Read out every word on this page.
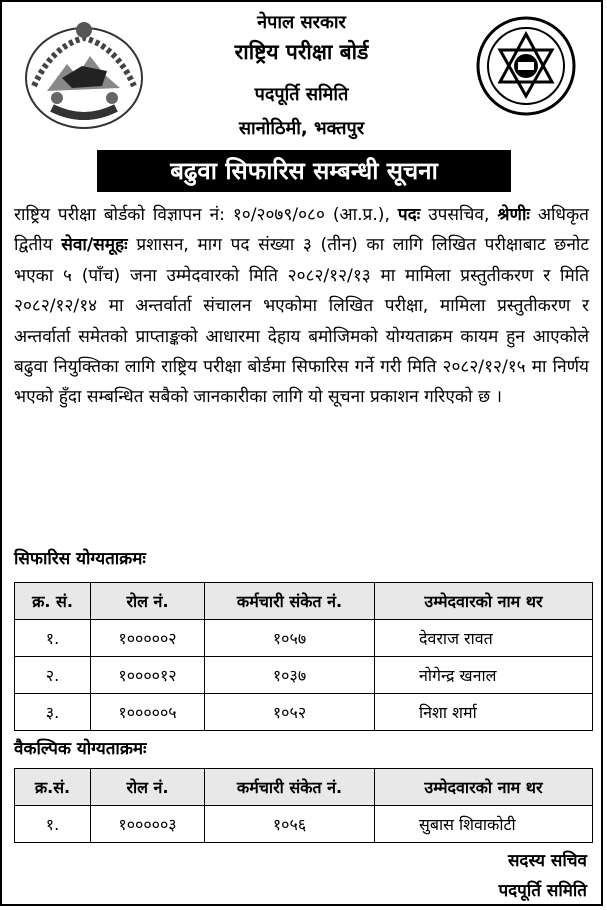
नेपाल सरकार
राष्ट्रिय परीक्षा बोर्ड
पदपूर्ति समिति
सानोठिमी, भक्तपुर
बढुवा सिफारिस सम्बन्धी सूचना
राष्ट्रिय परीक्षा बोर्डको विज्ञापन नं: १०/२०७९/०८० (आ.प्र.), पदः उपसचिव, श्रेणीः अधिकृत द्वितीय सेवा/समूहः प्रशासन, माग पद संख्या ३ (तीन) का लागि लिखित परीक्षाबाट छनोट भएका ५ (पाँच) जना उम्मेदवारको मिति २०८२/१२/१३ मा मामिला प्रस्तुतीकरण र मिति २०८२/१२/१४ मा अन्तर्वार्ता संचालन भएकोमा लिखित परीक्षा, मामिला प्रस्तुतीकरण र अन्तर्वार्ता समेतको प्राप्ताङ्कको आधारमा देहाय बमोजिमको योग्यताक्रम कायम हुन आएकोले बढुवा नियुक्तिका लागि राष्ट्रिय परीक्षा बोर्डमा सिफारिस गर्ने गरी मिति २०८२/१२/१५ मा निर्णय भएको हुँदा सम्बन्धित सबैको जानकारीका लागि यो सूचना प्रकाशन गरिएको छ ।
सिफारिस योग्यताक्रमः
क्र. सं.	रोल नं.	कर्मचारी संकेत नं.	उम्मेदवारको नाम थर
१.	१०००००२	१०५७	देवराज रावत
२.	१००००१२	१०३७	नोगेन्द्र खनाल
३.	१०००००५	१०५२	निशा शर्मा
वैकल्पिक योग्यताक्रमः
क्र.सं.	रोल नं.	कर्मचारी संकेत नं.	उम्मेदवारको नाम थर
१.	१०००००३	१०५६	सुबास शिवाकोटी
सदस्य सचिव
पदपूर्ति समिति
